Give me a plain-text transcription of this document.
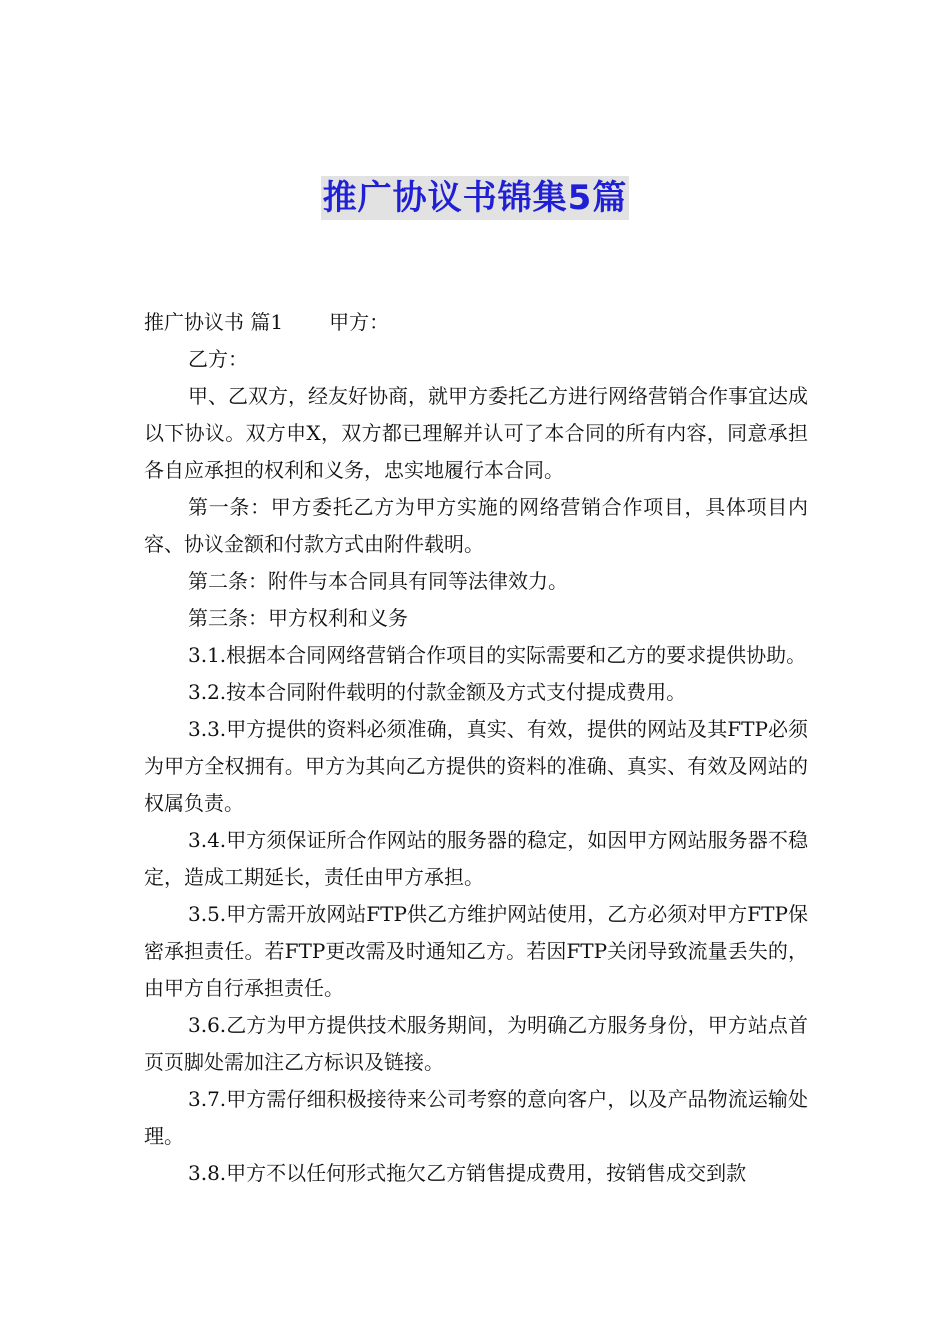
推广协议书锦集5篇

推广协议书 篇1 甲方：

乙方：

甲、乙双方，经友好协商，就甲方委托乙方进行网络营销合作事宜达成以下协议。双方申X，双方都已理解并认可了本合同的所有内容，同意承担各自应承担的权利和义务，忠实地履行本合同。

第一条：甲方委托乙方为甲方实施的网络营销合作项目，具体项目内容、协议金额和付款方式由附件载明。

第二条：附件与本合同具有同等法律效力。

第三条：甲方权利和义务

3.1.根据本合同网络营销合作项目的实际需要和乙方的要求提供协助。

3.2.按本合同附件载明的付款金额及方式支付提成费用。

3.3.甲方提供的资料必须准确，真实、有效，提供的网站及其FTP必须为甲方全权拥有。甲方为其向乙方提供的资料的准确、真实、有效及网站的权属负责。

3.4.甲方须保证所合作网站的服务器的稳定，如因甲方网站服务器不稳定，造成工期延长，责任由甲方承担。

3.5.甲方需开放网站FTP供乙方维护网站使用，乙方必须对甲方FTP保密承担责任。若FTP更改需及时通知乙方。若因FTP关闭导致流量丢失的，由甲方自行承担责任。

3.6.乙方为甲方提供技术服务期间，为明确乙方服务身份，甲方站点首页页脚处需加注乙方标识及链接。

3.7.甲方需仔细积极接待来公司考察的意向客户，以及产品物流运输处理。

3.8.甲方不以任何形式拖欠乙方销售提成费用，按销售成交到款
